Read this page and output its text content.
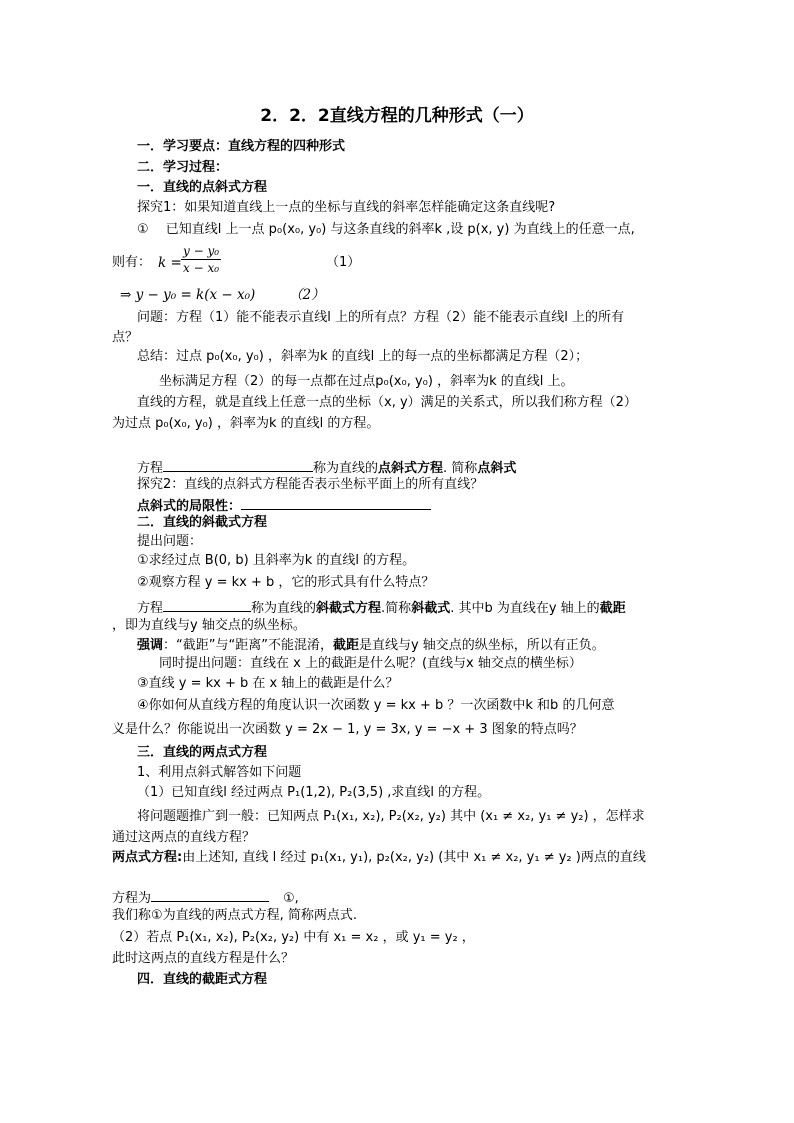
2．2．2直线方程的几种形式（一）
一．学习要点：直线方程的四种形式
二．学习过程：
一．直线的点斜式方程
探究1：如果知道直线上一点的坐标与直线的斜率怎样能确定这条直线呢?
①　 已知直线l 上一点 p₀(x₀, y₀) 与这条直线的斜率k ,设 p(x, y) 为直线上的任意一点,
则有： $k = \frac{\text{y − y₀}}{\text{x − x₀}}$	（1）
⇒ y − y₀ = k(x − x₀)　　　（2）
问题：方程（1）能不能表示直线l 上的所有点？方程（2）能不能表示直线l 上的所有
点？
总结：过点 p₀(x₀, y₀) ，斜率为k 的直线l 上的每一点的坐标都满足方程（2）；
坐标满足方程（2）的每一点都在过点p₀(x₀, y₀) ，斜率为k 的直线l 上。
直线的方程，就是直线上任意一点的坐标（x, y）满足的关系式，所以我们称方程（2）
为过点 p₀(x₀, y₀) ，斜率为k 的直线l 的方程。
方程	称为直线的点斜式方程. 简称点斜式
探究2：直线的点斜式方程能否表示坐标平面上的所有直线？
点斜式的局限性：
二．直线的斜截式方程
提出问题：
①求经过点 B(0, b) 且斜率为k 的直线l 的方程。
②观察方程 y = kx + b ，它的形式具有什么特点？
方程	称为直线的斜截式方程.简称斜截式. 其中b 为直线在y 轴上的截距
，即为直线与y 轴交点的纵坐标。
强调：“截距”与“距离”不能混淆，截距是直线与y 轴交点的纵坐标，所以有正负。
同时提出问题：直线在 x 上的截距是什么呢？(直线与x 轴交点的横坐标）
③直线 y = kx + b 在 x 轴上的截距是什么？
④你如何从直线方程的角度认识一次函数 y = kx + b ？一次函数中k 和b 的几何意
义是什么？你能说出一次函数 y = 2x − 1, y = 3x, y = −x + 3 图象的特点吗？
三．直线的两点式方程
1、利用点斜式解答如下问题
（1）已知直线l 经过两点 P₁(1,2), P₂(3,5) ,求直线l 的方程。
将问题题推广到一般：已知两点 P₁(x₁, x₂), P₂(x₂, y₂) 其中 (x₁ ≠ x₂, y₁ ≠ y₂) ，怎样求
通过这两点的直线方程？
两点式方程:由上述知, 直线 l 经过 p₁(x₁, y₁), p₂(x₂, y₂) (其中 x₁ ≠ x₂, y₁ ≠ y₂ )两点的直线
方程为	①,
我们称①为直线的两点式方程, 简称两点式.
（2）若点 P₁(x₁, x₂), P₂(x₂, y₂) 中有 x₁ = x₂ ，或 y₁ = y₂ ，
此时这两点的直线方程是什么？
四．直线的截距式方程
